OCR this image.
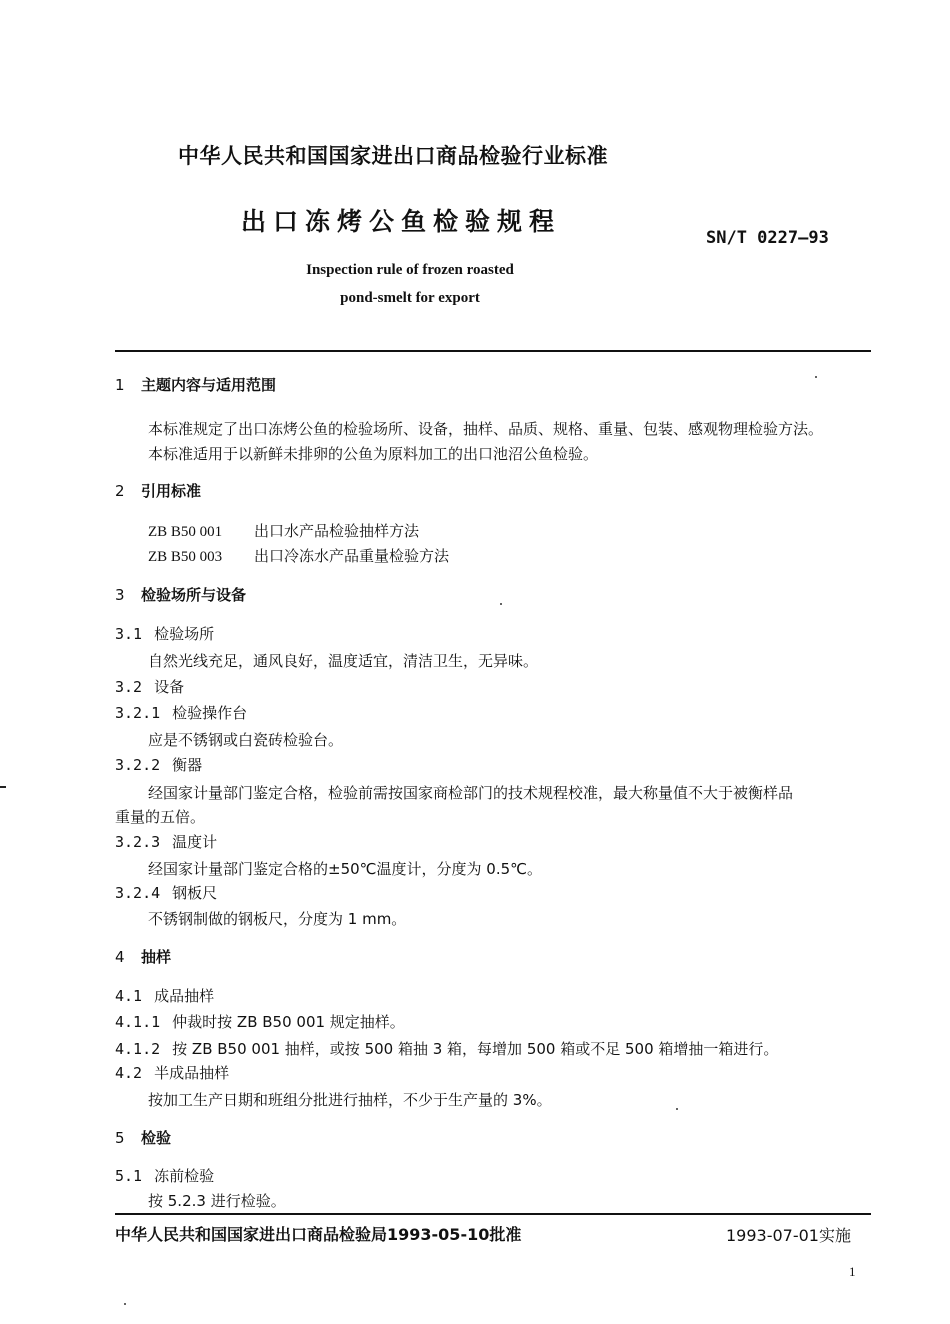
中华人民共和国国家进出口商品检验行业标准
出口冻烤公鱼检验规程
SN/T 0227—93
Inspection rule of frozen roasted
pond-smelt for export
1 主题内容与适用范围
本标准规定了出口冻烤公鱼的检验场所、设备，抽样、品质、规格、重量、包装、感观物理检验方法。
本标准适用于以新鲜未排卵的公鱼为原料加工的出口池沼公鱼检验。
2 引用标准
ZB B50 001 出口水产品检验抽样方法
ZB B50 003 出口冷冻水产品重量检验方法
3 检验场所与设备
3.1 检验场所
自然光线充足，通风良好，温度适宜，清洁卫生，无异味。
3.2 设备
3.2.1 检验操作台
应是不锈钢或白瓷砖检验台。
3.2.2 衡器
经国家计量部门鉴定合格，检验前需按国家商检部门的技术规程校准，最大称量值不大于被衡样品
重量的五倍。
3.2.3 温度计
经国家计量部门鉴定合格的±50℃温度计，分度为 0.5℃。
3.2.4 钢板尺
不锈钢制做的钢板尺，分度为 1 mm。
4 抽样
4.1 成品抽样
4.1.1 仲裁时按 ZB B50 001 规定抽样。
4.1.2 按 ZB B50 001 抽样，或按 500 箱抽 3 箱，每增加 500 箱或不足 500 箱增抽一箱进行。
4.2 半成品抽样
按加工生产日期和班组分批进行抽样，不少于生产量的 3%。
5 检验
5.1 冻前检验
按 5.2.3 进行检验。
中华人民共和国国家进出口商品检验局1993-05-10批准	1993-07-01实施
1
